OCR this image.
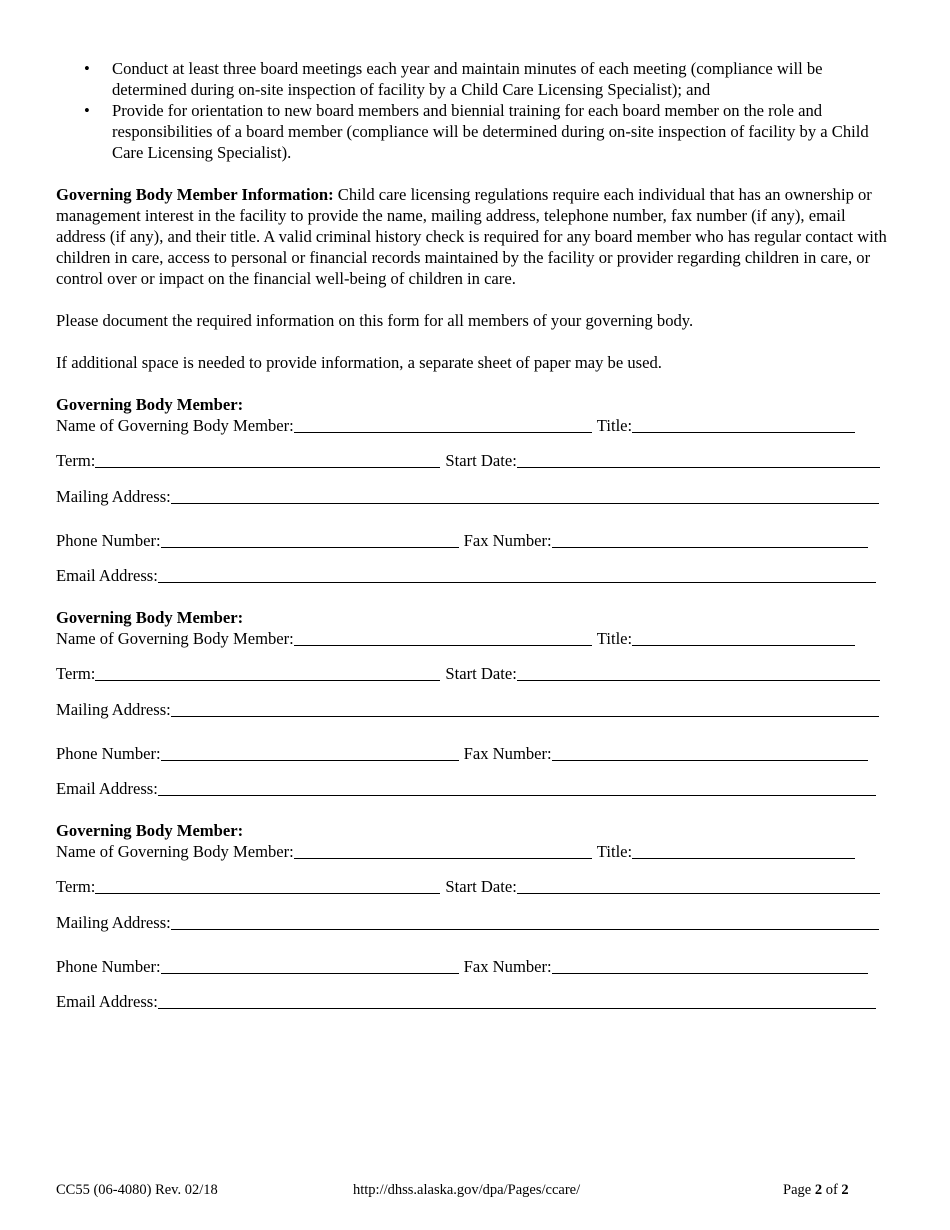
• Conduct at least three board meetings each year and maintain minutes of each meeting (compliance will be determined during on-site inspection of facility by a Child Care Licensing Specialist); and
• Provide for orientation to new board members and biennial training for each board member on the role and responsibilities of a board member (compliance will be determined during on-site inspection of facility by a Child Care Licensing Specialist).

Governing Body Member Information: Child care licensing regulations require each individual that has an ownership or management interest in the facility to provide the name, mailing address, telephone number, fax number (if any), email address (if any), and their title. A valid criminal history check is required for any board member who has regular contact with children in care, access to personal or financial records maintained by the facility or provider regarding children in care, or control over or impact on the financial well-being of children in care.

Please document the required information on this form for all members of your governing body.

If additional space is needed to provide information, a separate sheet of paper may be used.

Governing Body Member:
Name of Governing Body Member:	Title:
Term:	Start Date:
Mailing Address:
Phone Number:	Fax Number:
Email Address:
Governing Body Member:
Name of Governing Body Member:	Title:
Term:	Start Date:
Mailing Address:
Phone Number:	Fax Number:
Email Address:
Governing Body Member:
Name of Governing Body Member:	Title:
Term:	Start Date:
Mailing Address:
Phone Number:	Fax Number:
Email Address:
CC55 (06-4080) Rev. 02/18	http://dhss.alaska.gov/dpa/Pages/ccare/	Page 2 of 2
